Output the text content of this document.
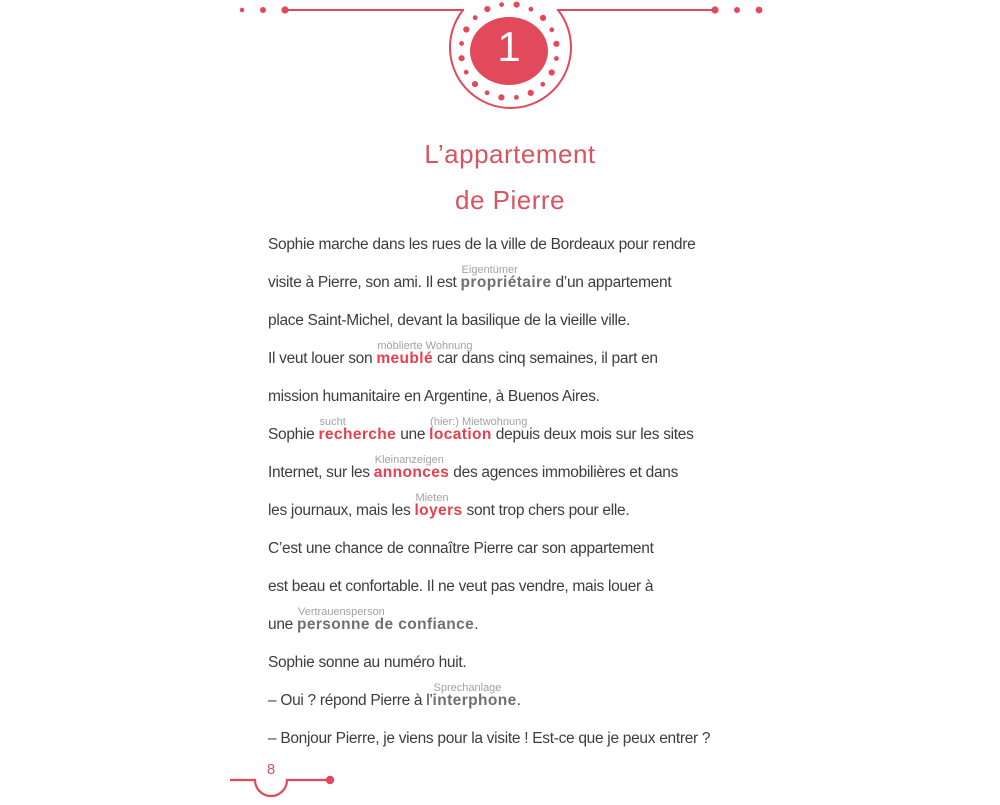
1
L’appartement
de Pierre
Sophie marche dans les rues de la ville de Bordeaux pour rendre
visite à Pierre, son ami. Il est propriétaire
Eigentümer
d’un appartement
place Saint-Michel, devant la basilique de la vieille ville.
Il veut louer son meublé
möblierte Wohnung
car dans cinq semaines, il part en
mission humanitaire en Argentine, à Buenos Aires.
Sophie recherche
sucht
une location
(hier:) Mietwohnung
depuis deux mois sur les sites
Internet, sur les annonces
Kleinanzeigen
des agences immobilières et dans
les journaux, mais les loyers
Mieten
sont trop chers pour elle.
C’est une chance de connaître Pierre car son appartement
est beau et confortable. Il ne veut pas vendre, mais louer à
une personne de confiance
Vertrauensperson
.
Sophie sonne au numéro huit.
– Oui ? répond Pierre à l’interphone
Sprechanlage
.
– Bonjour Pierre, je viens pour la visite ! Est-ce que je peux entrer ?
8
